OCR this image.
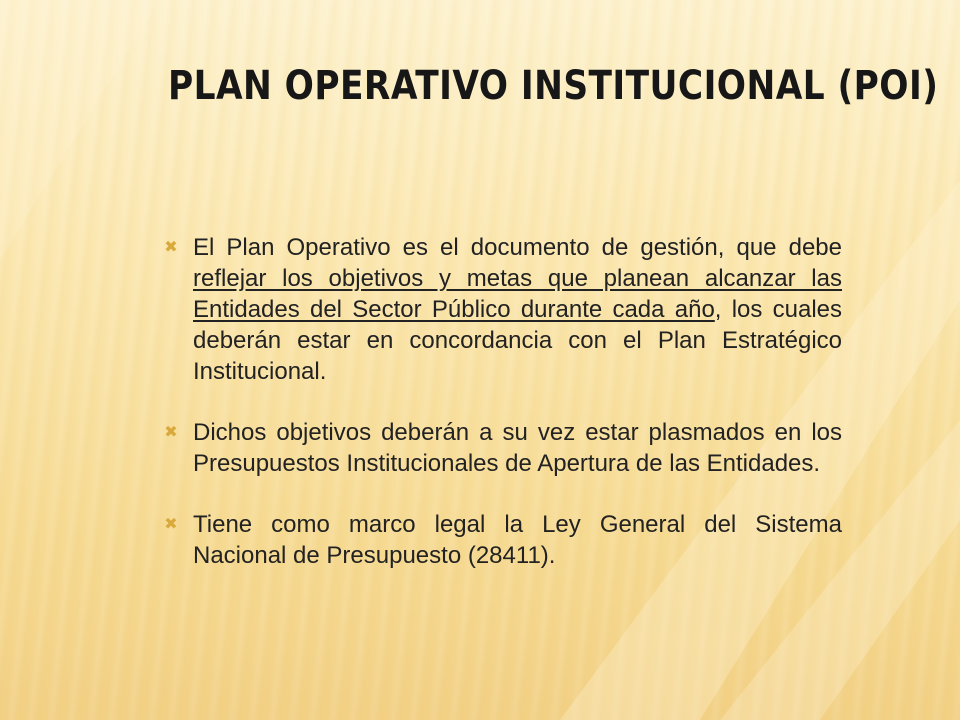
PLAN OPERATIVO INSTITUCIONAL (POI)
✖ El Plan Operativo es el documento de gestión, que debe reflejar los objetivos y metas que planean alcanzar las Entidades del Sector Público durante cada año, los cuales deberán estar en concordancia con el Plan Estratégico Institucional.
✖ Dichos objetivos deberán a su vez estar plasmados en los Presupuestos Institucionales de Apertura de las Entidades.
✖ Tiene como marco legal la Ley General del Sistema Nacional de Presupuesto (28411).
